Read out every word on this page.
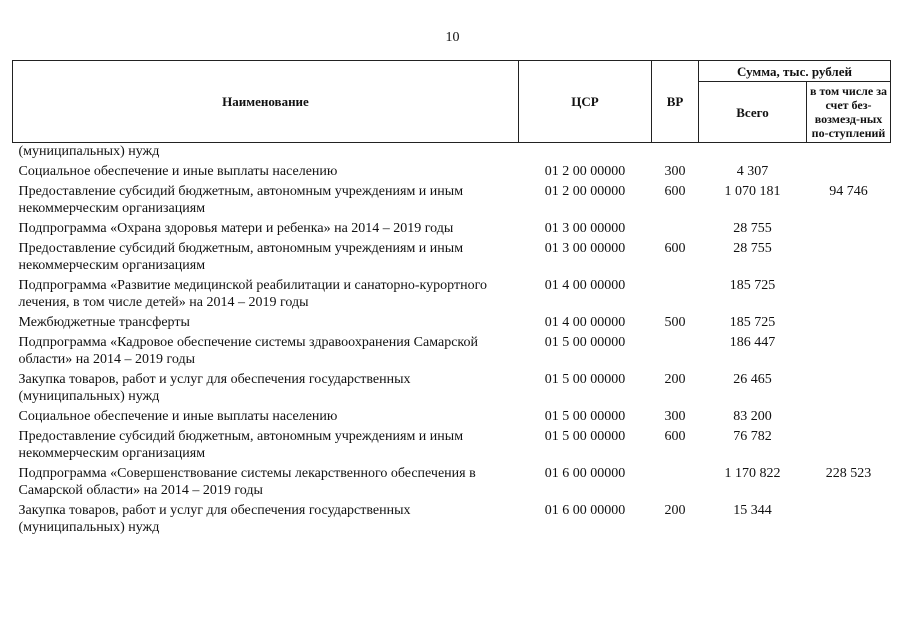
10
Наименование	ЦСР	ВР	Сумма, тыс. рублей	
			Всего	в том числе за счет без-возмезд-ных по-ступлений
(муниципальных) нужд				
Социальное обеспечение и иные выплаты населению	01 2 00 00000	300	4 307	
Предоставление субсидий бюджетным, автономным учреждениям и иным некоммерческим организациям	01 2 00 00000	600	1 070 181	94 746
Подпрограмма «Охрана здоровья матери и ребенка» на 2014 – 2019 годы	01 3 00 00000		28 755	
Предоставление субсидий бюджетным, автономным учреждениям и иным некоммерческим организациям	01 3 00 00000	600	28 755	
Подпрограмма «Развитие медицинской реабилитации и санаторно-курортного лечения, в том числе детей» на 2014 – 2019 годы	01 4 00 00000		185 725	
Межбюджетные трансферты	01 4 00 00000	500	185 725	
Подпрограмма «Кадровое обеспечение системы здравоохранения Самарской области» на 2014 – 2019 годы	01 5 00 00000		186 447	
Закупка товаров, работ и услуг для обеспечения государственных (муниципальных) нужд	01 5 00 00000	200	26 465	
Социальное обеспечение и иные выплаты населению	01 5 00 00000	300	83 200	
Предоставление субсидий бюджетным, автономным учреждениям и иным некоммерческим организациям	01 5 00 00000	600	76 782	
Подпрограмма «Совершенствование системы лекарственного обеспечения в Самарской области» на 2014 – 2019 годы	01 6 00 00000		1 170 822	228 523
Закупка товаров, работ и услуг для обеспечения государственных (муниципальных) нужд	01 6 00 00000	200	15 344	
